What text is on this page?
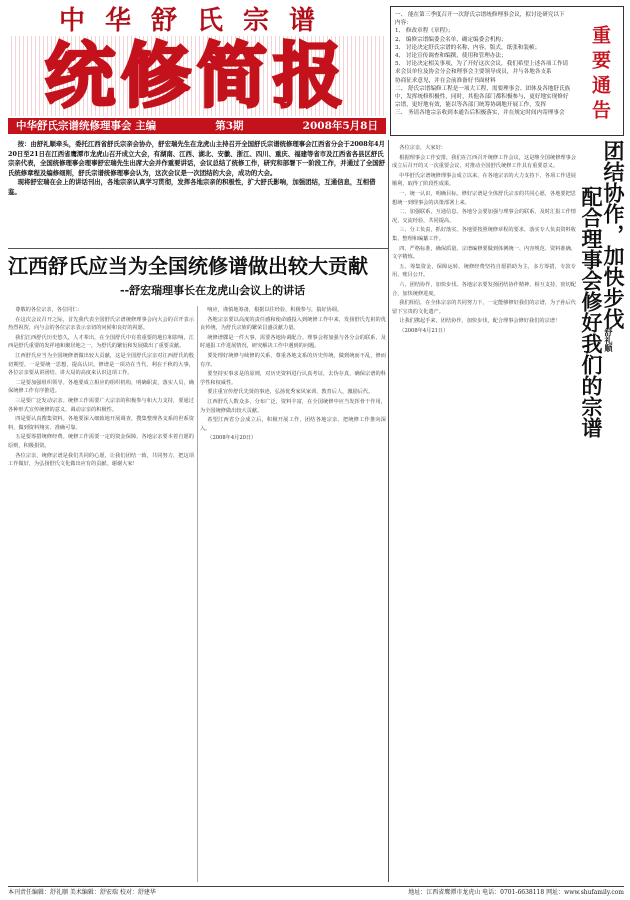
中华舒氏宗谱
统修简报
中华舒氏宗谱统修理事会 主编	第3期	2008年5月8日
一、 能在第三季度召开一次舒氏宗谱统修理事会议，拟讨论研究以下
内容：
1、 修改章程《章程》；
2、 编修宗谱编委会名单，确定编委会机构；
3、 讨论决定舒氏宗谱的名称，内容，版式，纸张和装帧；
4、 讨论宣传调查和编撰，使用和管理办法；
5、 讨论决定相关事项，为了开好这次会议，我们希望上述各项工作请
求会员单位及协会分会和理事会主要领导成员，并与各地各支系
协商征求意见，并在会前准备好书面材料
二、 舒氏宗谱编修工程是一项大工程，需要理事会、团体及各地舒氏族
中，发挥统修积极性，同时，其他各部门都积极参与，更好地实现修好
宗谱，更好地有效，能以等各部门统筹协调地开展工作，发挥
三、 务请各地宗亲收到本通告后积极落实，并在规定时间内寄理事会	重要通告

按：由舒礼顺牵头，委托江西省舒氏宗亲会协办，舒宏瑞先生在龙虎山主持召开全国舒氏宗谱统修理事会江西省分会于2008年4月20日至21日在江西省鹰潭市龙虎山召开成立大会，有湖南、江西、湖北、安徽、浙江、四川、重庆、福建等省市及江西省各县区舒氏宗亲代表，全国统修理事会理事舒宏瑞先生出席大会并作重要讲话，会议总结了统修工作，研究和部署下一阶段工作，并通过了全国舒氏统修章程及编修细则，舒氏宗谱统修理事会认为，这次会议是一次团结的大会，成功的大会。

现将舒宏瑞在会上的讲话刊出，各地宗亲认真学习贯彻，发挥各地宗亲的积极性，扩大舒氏影响，加强团结，互通信息，互相借鉴。

江西舒氏应当为全国统修谱做出较大贡献
--舒宏瑞理事长在龙虎山会议上的讲话

尊敬的各位宗亲，各位同仁：

在这次会议召开之际，首先我代表全国舒氏宗谱统修理事会向大会的召开表示热烈祝贺，向与会的各位宗亲表示亲切的问候和良好的祝愿。

我们江西舒氏历史悠久，人才辈出，在全国舒氏中有着重要的地位和影响，江西是舒氏重要的发祥地和聚居地之一，为舒氏的繁衍和发展做出了重要贡献。

江西舒氏应当为全国统修谱做出较大贡献，这是全国舒氏宗亲对江西舒氏的殷切期望。一是要统一思想，提高认识。修谱是一项功在当代、利在千秋的大事，各位宗亲要从讲团结、讲大局的高度来认识这项工作。

二是要加强组织领导。各地要成立相应的组织机构，明确职责，落实人员，确保统修工作有序推进。

三是要广泛发动宗亲。统修工作需要广大宗亲的积极参与和大力支持，要通过各种形式宣传统修的意义，调动宗亲的积极性。

四是要认真搜集资料。各地要深入细致地开展调查，搜集整理各支系的世系资料，做到资料翔实、准确可靠。

五是要筹措统修经费。统修工作需要一定的资金保障，各地宗亲要本着自愿的原则，积极捐资。

各位宗亲，统修宗谱是我们共同的心愿，让我们团结一致，共同努力，把这项工作做好，为弘扬舒氏文化做出应有的贡献。谢谢大家！

响应，谨慎地筹备，根据以往经验，积极参与，搞好协调。

各地宗亲要以高度的责任感和使命感投入到统修工作中来，发扬舒氏先祖的优良传统，为舒氏宗族的繁荣昌盛贡献力量。

统修谱牒是一件大事，需要各地协调配合。理事会将加强与各分会的联系，及时通报工作进展情况，研究解决工作中遇到的问题。

要处理好统修与续修的关系，尊重各地支系的历史传统，做到统而不乱，修而有序。

要坚持实事求是的原则，对历史资料进行认真考证，去伪存真，确保宗谱的科学性和权威性。

要注重宣传舒氏先贤的事迹，弘扬优秀家风家训，教育后人，激励后代。

江西舒氏人数众多，分布广泛，资料丰富，在全国统修中应当发挥骨干作用，为全国统修做出较大贡献。

希望江西省分会成立后，积极开展工作，团结各地宗亲，把统修工作推向深入。

（2008年4月20日）

各位宗亲，大家好：

根据理事会工作安排，我们在江西召开统修工作会议，这是继全国统修理事会成立后召开的又一次重要会议，对推动全国舒氏统修工作具有重要意义。

中华舒氏宗谱统修理事会成立以来，在各地宗亲的大力支持下，各项工作进展顺利，取得了阶段性成果。

一、统一认识，明确目标。修好宗谱是全体舒氏宗亲的共同心愿，各地要把思想统一到理事会的决策部署上来。

二、加强联系，互通信息。各地分会要加强与理事会的联系，及时汇报工作情况，交流经验，共同提高。

三、分工负责，抓好落实。各地要按照统修章程的要求，落实专人负责资料收集、整理和编纂工作。

四、严格标准，确保质量。宗谱编修要做到体例统一、内容规范、资料准确、文字精炼。

五、筹集资金，保障运转。统修经费坚持自愿捐助为主，多方筹措，专款专用，账目公开。

六、团结协作，加快步伐。各地宗亲要发扬团结协作精神，相互支持，密切配合，加快统修进度。

我们相信，在全体宗亲的共同努力下，一定能够修好我们的宗谱，为子孙后代留下宝贵的文化遗产。

让我们携起手来，团结协作，加快步伐，配合理事会修好我们的宗谱！

（2008年4月21日）

团结协作，加快步伐
配合理事会修好我们的宗谱 舒礼顺
本刊责任编辑：舒礼顺 美术编辑：舒宏瑞 校对：舒建华	地址：江西省鹰潭市龙虎山 电话：0701-6638118 网址：www.shufamily.com
